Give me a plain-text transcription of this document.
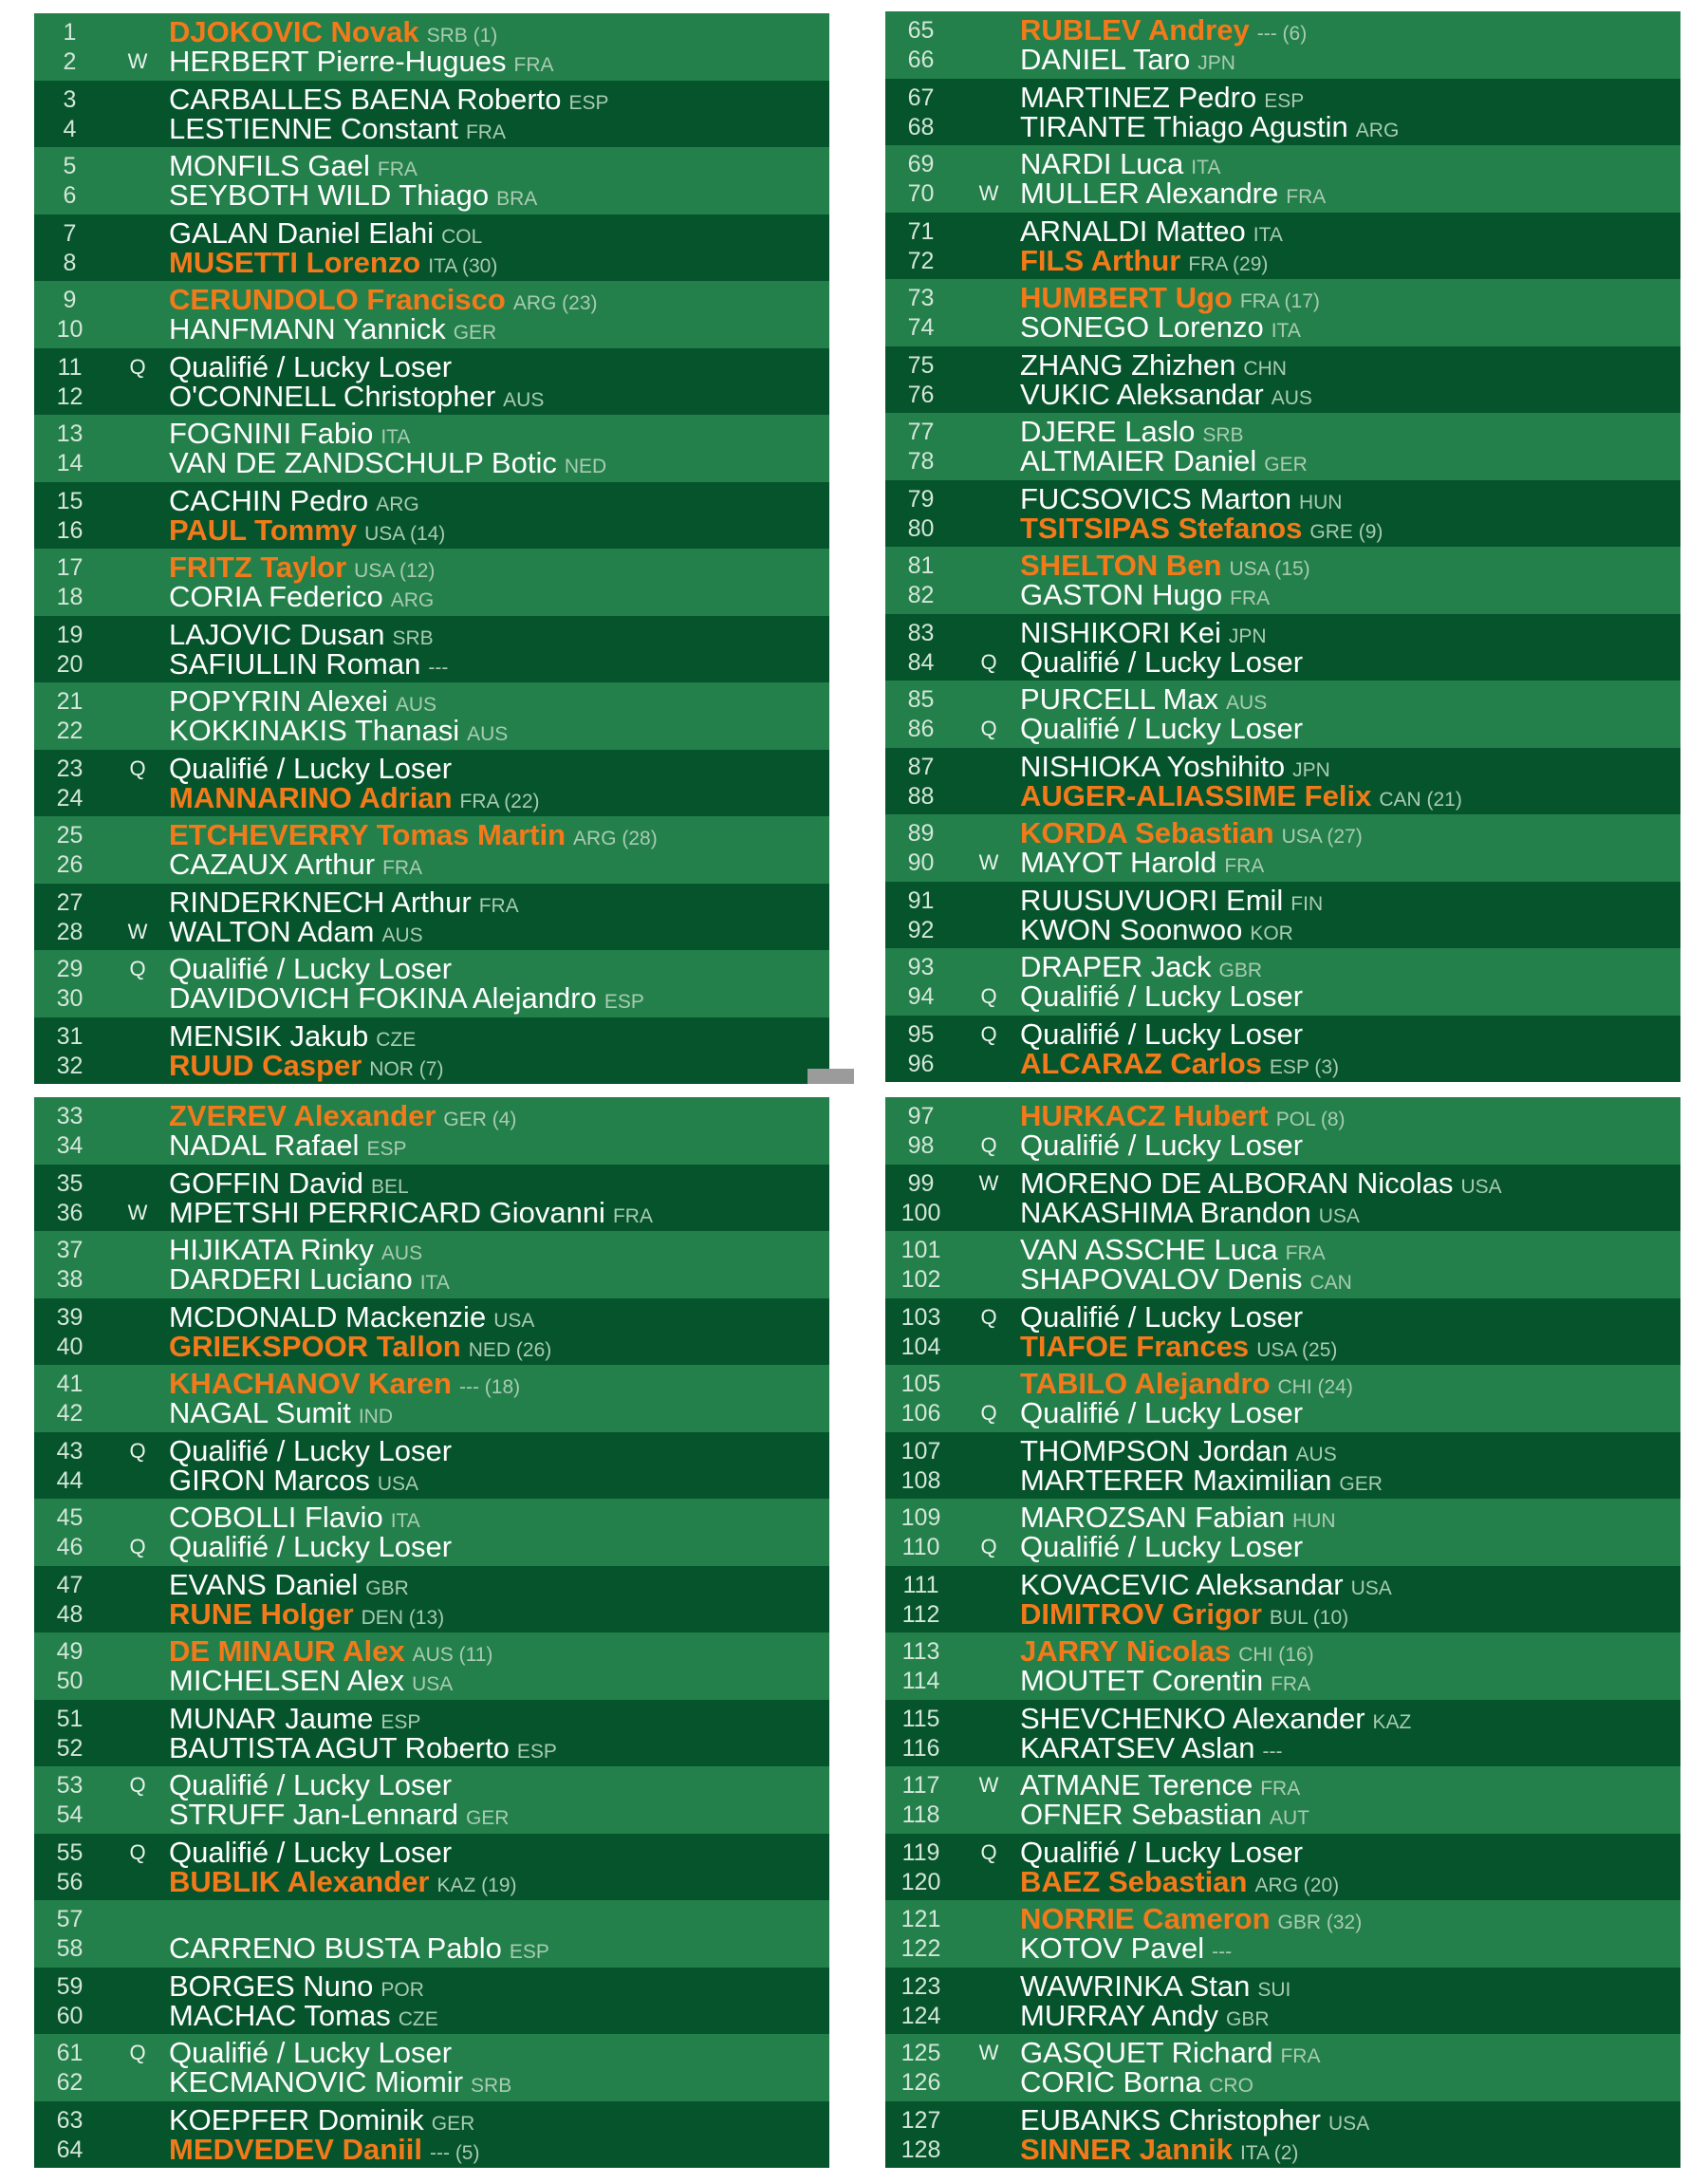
1	DJOKOVIC Novak SRB (1)
2	W HERBERT Pierre-Hugues FRA
3	CARBALLES BAENA Roberto ESP
4	LESTIENNE Constant FRA
5	MONFILS Gael FRA
6	SEYBOTH WILD Thiago BRA
7	GALAN Daniel Elahi COL
8	MUSETTI Lorenzo ITA (30)
9	CERUNDOLO Francisco ARG (23)
10	HANFMANN Yannick GER
11	Q Qualifié / Lucky Loser
12	O'CONNELL Christopher AUS
13	FOGNINI Fabio ITA
14	VAN DE ZANDSCHULP Botic NED
15	CACHIN Pedro ARG
16	PAUL Tommy USA (14)
17	FRITZ Taylor USA (12)
18	CORIA Federico ARG
19	LAJOVIC Dusan SRB
20	SAFIULLIN Roman ---
21	POPYRIN Alexei AUS
22	KOKKINAKIS Thanasi AUS
23	Q Qualifié / Lucky Loser
24	MANNARINO Adrian FRA (22)
25	ETCHEVERRY Tomas Martin ARG (28)
26	CAZAUX Arthur FRA
27	RINDERKNECH Arthur FRA
28	W WALTON Adam AUS
29	Q Qualifié / Lucky Loser
30	DAVIDOVICH FOKINA Alejandro ESP
31	MENSIK Jakub CZE
32	RUUD Casper NOR (7)
65	RUBLEV Andrey --- (6)
66	DANIEL Taro JPN
67	MARTINEZ Pedro ESP
68	TIRANTE Thiago Agustin ARG
69	NARDI Luca ITA
70	W MULLER Alexandre FRA
71	ARNALDI Matteo ITA
72	FILS Arthur FRA (29)
73	HUMBERT Ugo FRA (17)
74	SONEGO Lorenzo ITA
75	ZHANG Zhizhen CHN
76	VUKIC Aleksandar AUS
77	DJERE Laslo SRB
78	ALTMAIER Daniel GER
79	FUCSOVICS Marton HUN
80	TSITSIPAS Stefanos GRE (9)
81	SHELTON Ben USA (15)
82	GASTON Hugo FRA
83	NISHIKORI Kei JPN
84	Q Qualifié / Lucky Loser
85	PURCELL Max AUS
86	Q Qualifié / Lucky Loser
87	NISHIOKA Yoshihito JPN
88	AUGER-ALIASSIME Felix CAN (21)
89	KORDA Sebastian USA (27)
90	W MAYOT Harold FRA
91	RUUSUVUORI Emil FIN
92	KWON Soonwoo KOR
93	DRAPER Jack GBR
94	Q Qualifié / Lucky Loser
95	Q Qualifié / Lucky Loser
96	ALCARAZ Carlos ESP (3)
33	ZVEREV Alexander GER (4)
34	NADAL Rafael ESP
35	GOFFIN David BEL
36	W MPETSHI PERRICARD Giovanni FRA
37	HIJIKATA Rinky AUS
38	DARDERI Luciano ITA
39	MCDONALD Mackenzie USA
40	GRIEKSPOOR Tallon NED (26)
41	KHACHANOV Karen --- (18)
42	NAGAL Sumit IND
43	Q Qualifié / Lucky Loser
44	GIRON Marcos USA
45	COBOLLI Flavio ITA
46	Q Qualifié / Lucky Loser
47	EVANS Daniel GBR
48	RUNE Holger DEN (13)
49	DE MINAUR Alex AUS (11)
50	MICHELSEN Alex USA
51	MUNAR Jaume ESP
52	BAUTISTA AGUT Roberto ESP
53	Q Qualifié / Lucky Loser
54	STRUFF Jan-Lennard GER
55	Q Qualifié / Lucky Loser
56	BUBLIK Alexander KAZ (19)
57
58	CARRENO BUSTA Pablo ESP
59	BORGES Nuno POR
60	MACHAC Tomas CZE
61	Q Qualifié / Lucky Loser
62	KECMANOVIC Miomir SRB
63	KOEPFER Dominik GER
64	MEDVEDEV Daniil --- (5)
97	HURKACZ Hubert POL (8)
98	Q Qualifié / Lucky Loser
99	W MORENO DE ALBORAN Nicolas USA
100	NAKASHIMA Brandon USA
101	VAN ASSCHE Luca FRA
102	SHAPOVALOV Denis CAN
103	Q Qualifié / Lucky Loser
104	TIAFOE Frances USA (25)
105	TABILO Alejandro CHI (24)
106	Q Qualifié / Lucky Loser
107	THOMPSON Jordan AUS
108	MARTERER Maximilian GER
109	MAROZSAN Fabian HUN
110	Q Qualifié / Lucky Loser
111	KOVACEVIC Aleksandar USA
112	DIMITROV Grigor BUL (10)
113	JARRY Nicolas CHI (16)
114	MOUTET Corentin FRA
115	SHEVCHENKO Alexander KAZ
116	KARATSEV Aslan ---
117	W ATMANE Terence FRA
118	OFNER Sebastian AUT
119	Q Qualifié / Lucky Loser
120	BAEZ Sebastian ARG (20)
121	NORRIE Cameron GBR (32)
122	KOTOV Pavel ---
123	WAWRINKA Stan SUI
124	MURRAY Andy GBR
125	W GASQUET Richard FRA
126	CORIC Borna CRO
127	EUBANKS Christopher USA
128	SINNER Jannik ITA (2)
